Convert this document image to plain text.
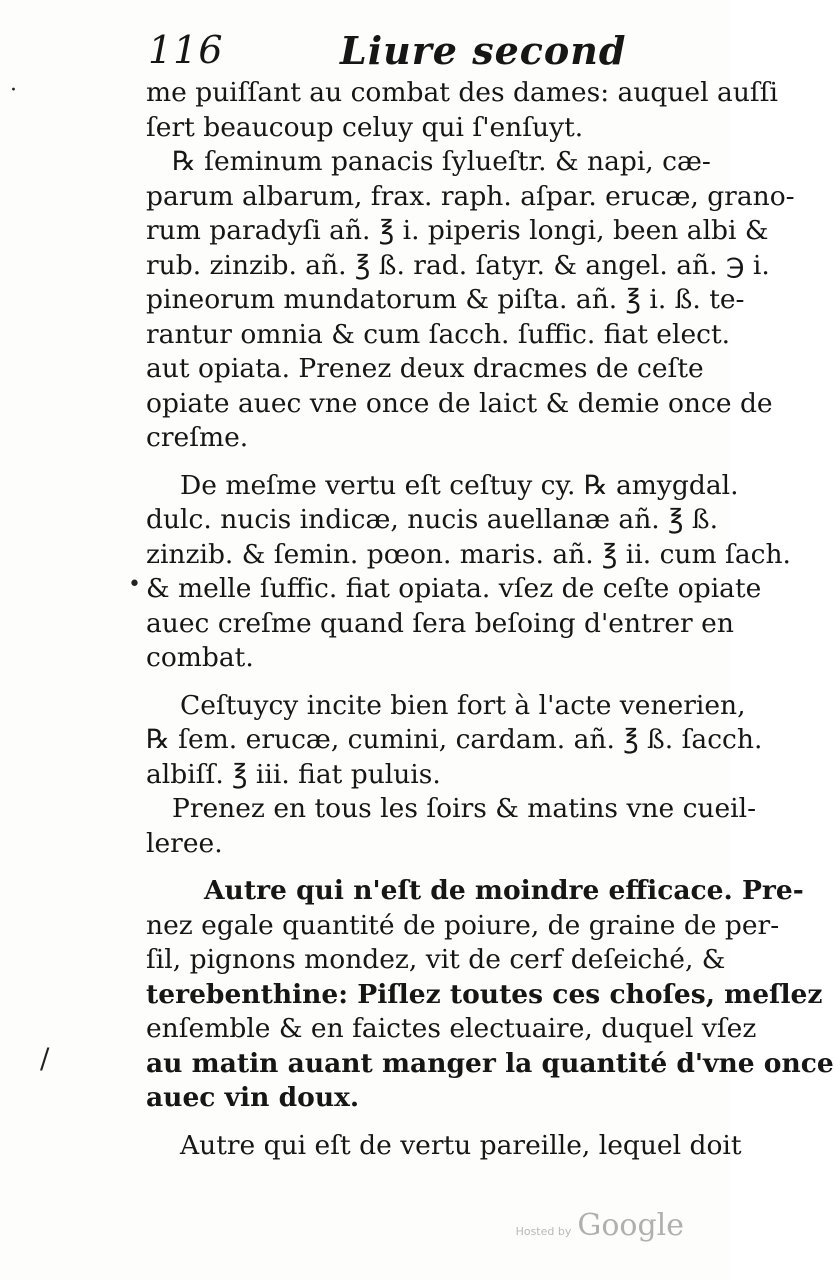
116	Liure second
·
•
/
me puiſſant au combat des dames: auquel auſſi
ſert beaucoup celuy qui ſ'enſuyt.
℞ ſeminum panacis ſylueſtr. & napi, cæ-
parum albarum, frax. raph. aſpar. erucæ, grano-
rum paradyſi añ. ℥ i. piperis longi, been albi &
rub. zinzib. añ. ℥ ß. rad. ſatyr. & angel. añ. ℈ i.
pineorum mundatorum & piſta. añ. ℥ i. ß. te-
rantur omnia & cum ſacch. ſuffic. fiat elect.
aut opiata. Prenez deux dracmes de ceſte
opiate auec vne once de laict & demie once de
creſme.
De meſme vertu eſt ceſtuy cy. ℞ amygdal.
dulc. nucis indicæ, nucis auellanæ añ. ℥ ß.
zinzib. & ſemin. pœon. maris. añ. ℥ ii. cum ſach.
& melle ſuffic. fiat opiata. vſez de ceſte opiate
auec creſme quand ſera beſoing d'entrer en
combat.
Ceſtuycy incite bien fort à l'acte venerien,
℞ ſem. erucæ, cumini, cardam. añ. ℥ ß. ſacch.
albiſſ. ℥ iii. fiat puluis.
Prenez en tous les ſoirs & matins vne cueil-
leree.
Autre qui n'eſt de moindre efficace. Pre-
nez egale quantité de poiure, de graine de per-
ſil, pignons mondez, vit de cerf deſeiché, &
terebenthine: Piſlez toutes ces choſes, meſlez
enſemble & en faictes electuaire, duquel vſez
au matin auant manger la quantité d'vne once
auec vin doux.
Autre qui eſt de vertu pareille, lequel doit
Hosted by Google
